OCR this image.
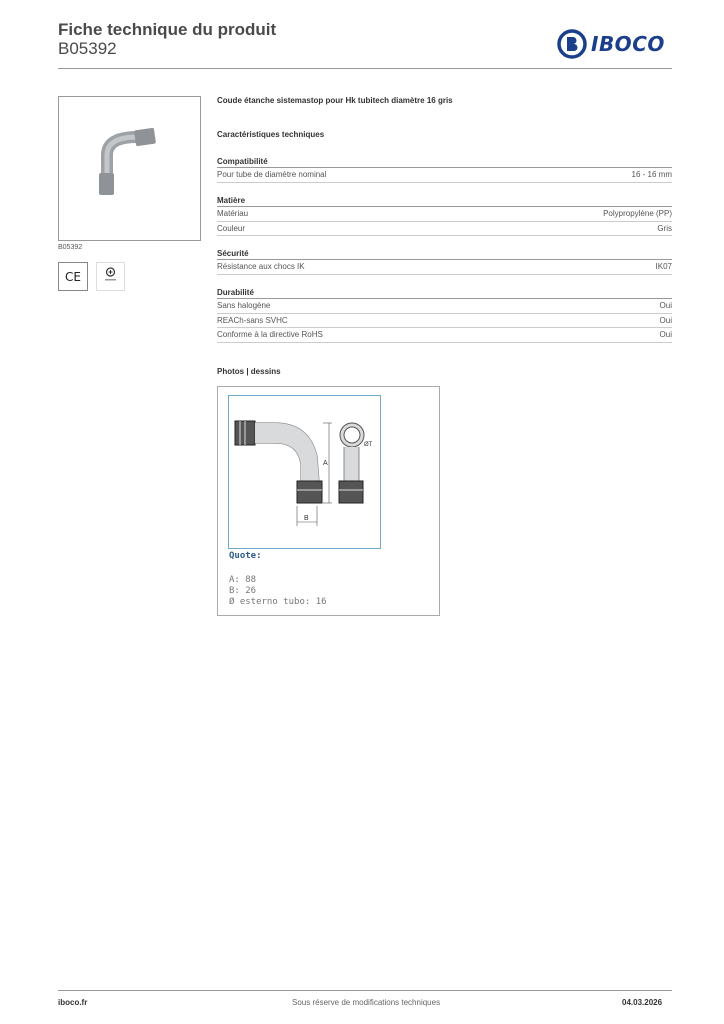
Fiche technique du produit
B05392	IBOCO
B05392
CE
Coude étanche sistemastop pour Hk tubitech diamètre 16 gris
Caractéristiques techniques
Compatibilité
Pour tube de diamètre nominal	16 - 16 mm
Matière
Matériau	Polypropylène (PP)
Couleur	Gris
Sécurité
Résistance aux chocs IK	IK07
Durabilité
Sans halogène	Oui
REACh-sans SVHC	Oui
Conforme à la directive RoHS	Oui
Photos | dessins
A
B
ØT
Quote:
A: 88
B: 26
Ø esterno tubo: 16
iboco.fr	Sous réserve de modifications techniques	04.03.2026
